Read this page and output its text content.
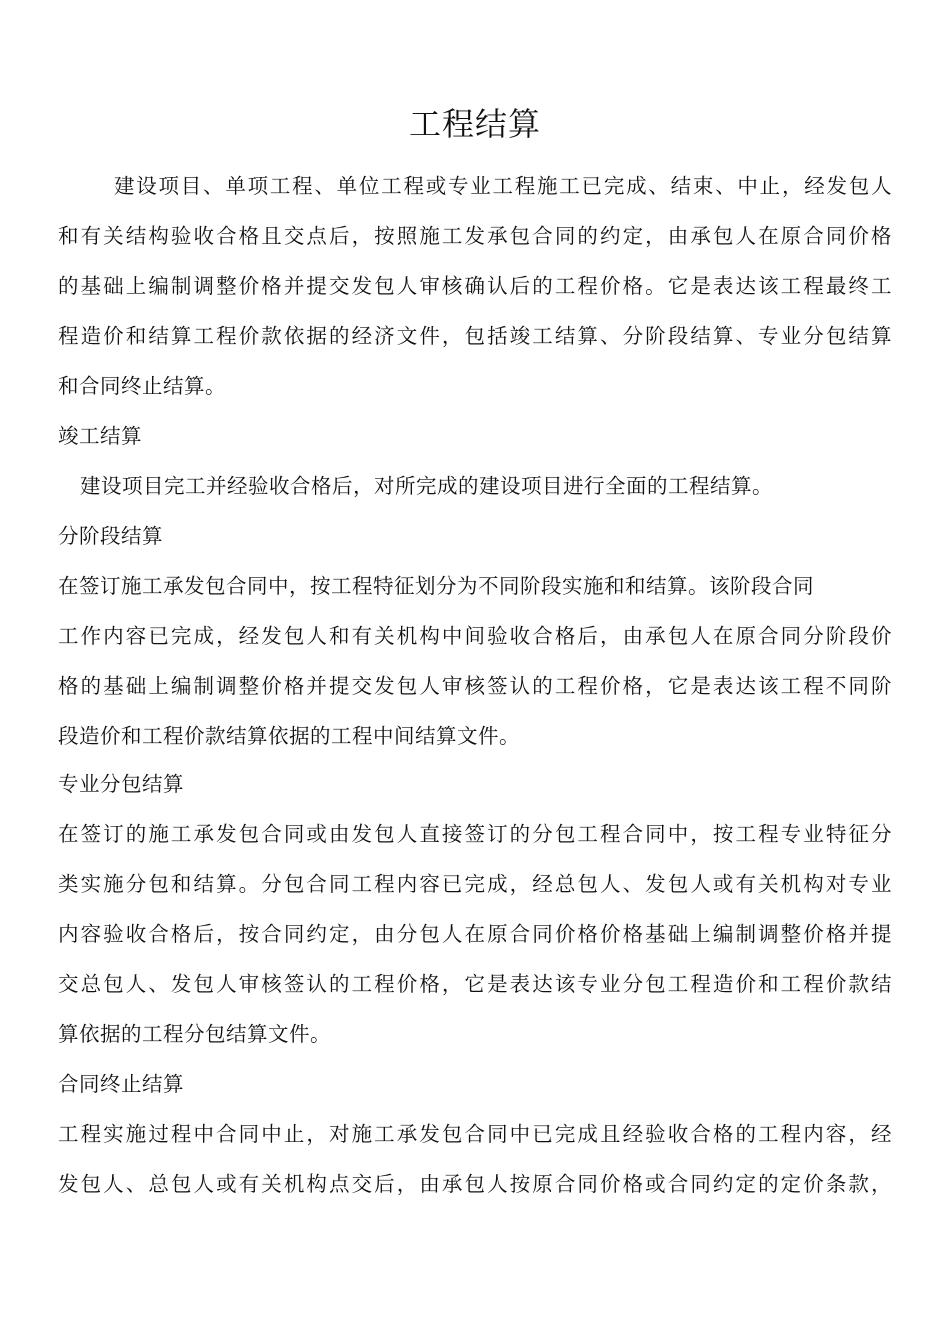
工程结算
建设项目、单项工程、单位工程或专业工程施工已完成、结束、中止，经发包人
和有关结构验收合格且交点后，按照施工发承包合同的约定，由承包人在原合同价格
的基础上编制调整价格并提交发包人审核确认后的工程价格。它是表达该工程最终工
程造价和结算工程价款依据的经济文件，包括竣工结算、分阶段结算、专业分包结算
和合同终止结算。
竣工结算
建设项目完工并经验收合格后，对所完成的建设项目进行全面的工程结算。
分阶段结算
在签订施工承发包合同中，按工程特征划分为不同阶段实施和和结算。该阶段合同
工作内容已完成，经发包人和有关机构中间验收合格后，由承包人在原合同分阶段价
格的基础上编制调整价格并提交发包人审核签认的工程价格，它是表达该工程不同阶
段造价和工程价款结算依据的工程中间结算文件。
专业分包结算
在签订的施工承发包合同或由发包人直接签订的分包工程合同中，按工程专业特征分
类实施分包和结算。分包合同工程内容已完成，经总包人、发包人或有关机构对专业
内容验收合格后，按合同约定，由分包人在原合同价格价格基础上编制调整价格并提
交总包人、发包人审核签认的工程价格，它是表达该专业分包工程造价和工程价款结
算依据的工程分包结算文件。
合同终止结算
工程实施过程中合同中止，对施工承发包合同中已完成且经验收合格的工程内容，经
发包人、总包人或有关机构点交后，由承包人按原合同价格或合同约定的定价条款，
